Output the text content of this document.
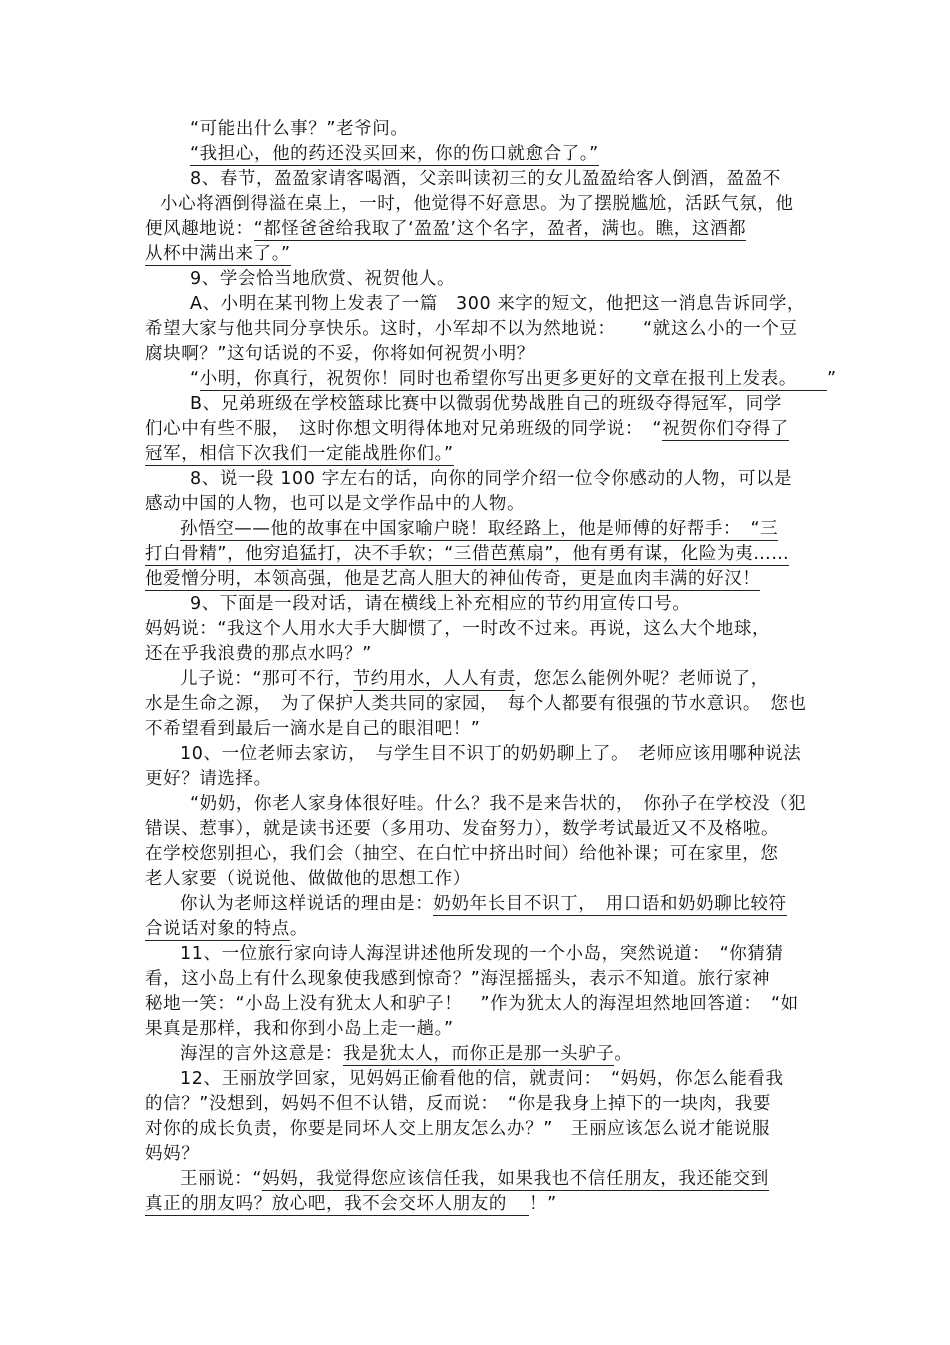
“可能出什么事？”老爷问。
“我担心，他的药还没买回来，你的伤口就愈合了。”
8、春节，盈盈家请客喝酒，父亲叫读初三的女儿盈盈给客人倒酒，盈盈不
小心将酒倒得溢在桌上，一时，他觉得不好意思。为了摆脱尴尬，活跃气氛，他
便风趣地说：“都怪爸爸给我取了‘盈盈’这个名字，盈者，满也。瞧，这酒都
从杯中满出来了。”
9、学会恰当地欣赏、祝贺他人。
A、小明在某刊物上发表了一篇　300 来字的短文，他把这一消息告诉同学，
希望大家与他共同分享快乐。这时，小军却不以为然地说：　　“就这么小的一个豆
腐块啊？”这句话说的不妥，你将如何祝贺小明？
“小明，你真行，祝贺你！同时也希望你写出更多更好的文章在报刊上发表。 ”
B、兄弟班级在学校篮球比赛中以微弱优势战胜自己的班级夺得冠军，同学
们心中有些不服，　这时你想文明得体地对兄弟班级的同学说：　“祝贺你们夺得了
冠军，相信下次我们一定能战胜你们。”
8、说一段 100 字左右的话，向你的同学介绍一位令你感动的人物，可以是
感动中国的人物，也可以是文学作品中的人物。
孙悟空——他的故事在中国家喻户晓！取经路上，他是师傅的好帮手：　“三
打白骨精”，他穷追猛打，决不手软；“三借芭蕉扇”，他有勇有谋，化险为夷……
他爱憎分明，本领高强，他是艺高人胆大的神仙传奇，更是血肉丰满的好汉！
9、下面是一段对话，请在横线上补充相应的节约用宣传口号。
妈妈说：“我这个人用水大手大脚惯了，一时改不过来。再说，这么大个地球，
还在乎我浪费的那点水吗？”
儿子说：“那可不行，节约用水，人人有责，您怎么能例外呢？老师说了，
水是生命之源，　为了保护人类共同的家园，　每个人都要有很强的节水意识。　您也
不希望看到最后一滴水是自己的眼泪吧！”
10、一位老师去家访，　与学生目不识丁的奶奶聊上了。　老师应该用哪种说法
更好？请选择。
“奶奶，你老人家身体很好哇。什么？我不是来告状的，　你孙子在学校没（犯
错误、惹事），就是读书还要（多用功、发奋努力），数学考试最近又不及格啦。
在学校您别担心，我们会（抽空、在白忙中挤出时间）给他补课；可在家里，您
老人家要（说说他、做做他的思想工作）
你认为老师这样说话的理由是：奶奶年长目不识丁，　用口语和奶奶聊比较符
合说话对象的特点。
11、一位旅行家向诗人海涅讲述他所发现的一个小岛，突然说道：　“你猜猜
看，这小岛上有什么现象使我感到惊奇？”海涅摇摇头，表示不知道。旅行家神
秘地一笑：“小岛上没有犹太人和驴子！　”作为犹太人的海涅坦然地回答道：　“如
果真是那样，我和你到小岛上走一趟。”
海涅的言外这意是：我是犹太人，而你正是那一头驴子。
12、王丽放学回家，见妈妈正偷看他的信，就责问：　“妈妈，你怎么能看我
的信？”没想到，妈妈不但不认错，反而说：　“你是我身上掉下的一块肉，我要
对你的成长负责，你要是同坏人交上朋友怎么办？”　王丽应该怎么说才能说服
妈妈？
王丽说：“妈妈，我觉得您应该信任我，如果我也不信任朋友，我还能交到
真正的朋友吗？放心吧，我不会交坏人朋友的 ！”
